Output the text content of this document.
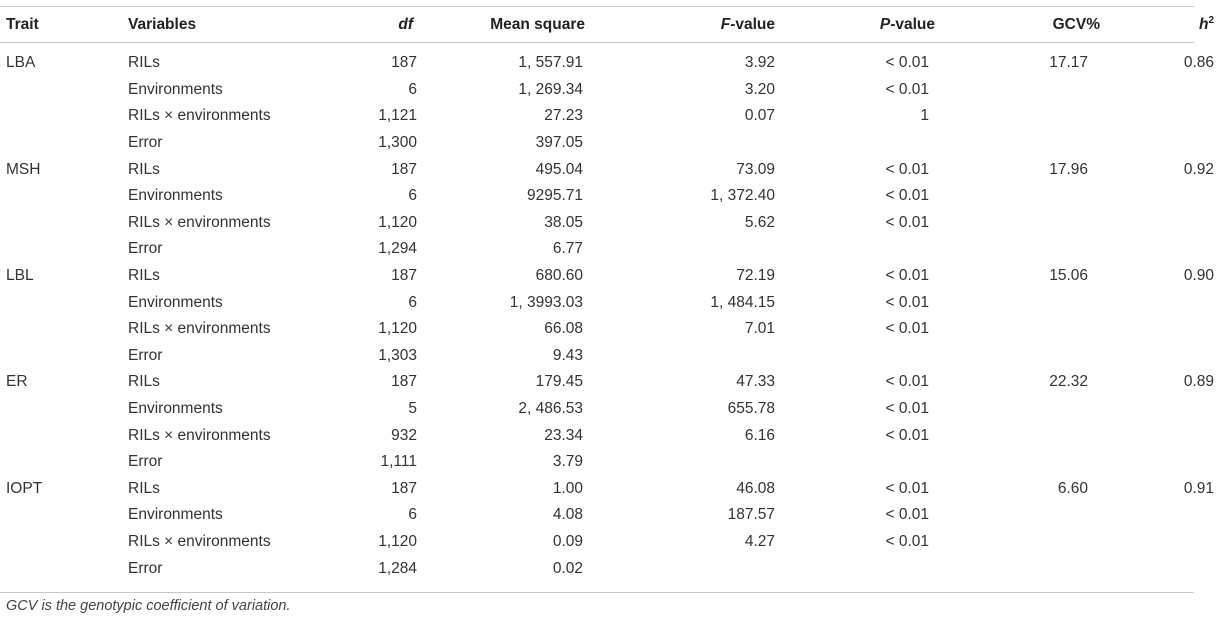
Trait	Variables	df	Mean square	F-value	P-value	GCV%	$h^2$
LBA	RILs	187	1, 557.91	3.92	< 0.01	17.17	0.86
	Environments	6	1, 269.34	3.20	< 0.01		
	RILs × environments	1,121	27.23	0.07	1		
	Error	1,300	397.05				
MSH	RILs	187	495.04	73.09	< 0.01	17.96	0.92
	Environments	6	9295.71	1, 372.40	< 0.01		
	RILs × environments	1,120	38.05	5.62	< 0.01		
	Error	1,294	6.77				
LBL	RILs	187	680.60	72.19	< 0.01	15.06	0.90
	Environments	6	1, 3993.03	1, 484.15	< 0.01		
	RILs × environments	1,120	66.08	7.01	< 0.01		
	Error	1,303	9.43				
ER	RILs	187	179.45	47.33	< 0.01	22.32	0.89
	Environments	5	2, 486.53	655.78	< 0.01		
	RILs × environments	932	23.34	6.16	< 0.01		
	Error	1,111	3.79				
IOPT	RILs	187	1.00	46.08	< 0.01	6.60	0.91
	Environments	6	4.08	187.57	< 0.01		
	RILs × environments	1,120	0.09	4.27	< 0.01		
	Error	1,284	0.02				
GCV is the genotypic coefficient of variation.
